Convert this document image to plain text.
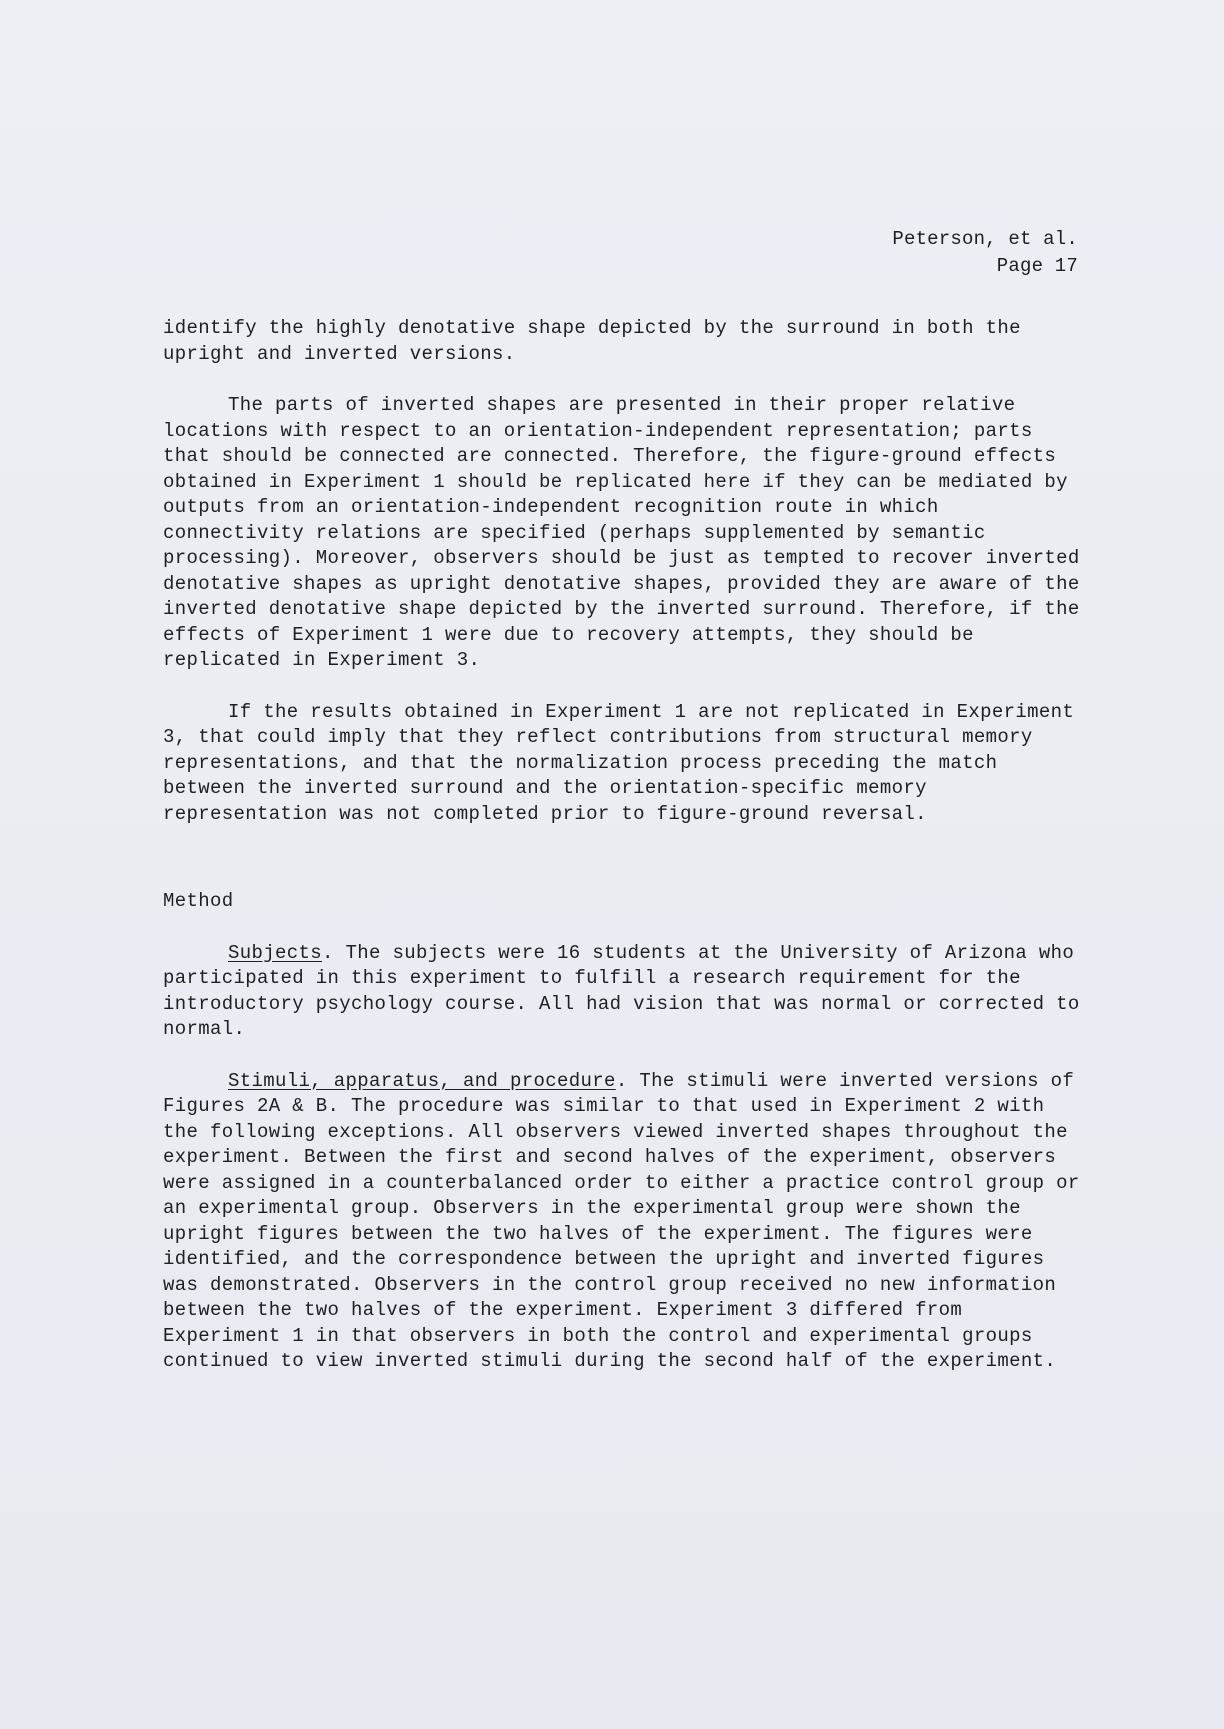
Peterson, et al.
Page 17

identify the highly denotative shape depicted by the surround in both the upright and inverted versions.

The parts of inverted shapes are presented in their proper relative locations with respect to an orientation-independent representation; parts that should be connected are connected. Therefore, the figure-ground effects obtained in Experiment 1 should be replicated here if they can be mediated by outputs from an orientation-independent recognition route in which connectivity relations are specified (perhaps supplemented by semantic processing). Moreover, observers should be just as tempted to recover inverted denotative shapes as upright denotative shapes, provided they are aware of the inverted denotative shape depicted by the inverted surround. Therefore, if the effects of Experiment 1 were due to recovery attempts, they should be replicated in Experiment 3.

If the results obtained in Experiment 1 are not replicated in Experiment 3, that could imply that they reflect contributions from structural memory representations, and that the normalization process preceding the match between the inverted surround and the orientation-specific memory representation was not completed prior to figure-ground reversal.

Method

Subjects. The subjects were 16 students at the University of Arizona who participated in this experiment to fulfill a research requirement for the introductory psychology course. All had vision that was normal or corrected to normal.

Stimuli, apparatus, and procedure. The stimuli were inverted versions of Figures 2A & B. The procedure was similar to that used in Experiment 2 with the following exceptions. All observers viewed inverted shapes throughout the experiment. Between the first and second halves of the experiment, observers were assigned in a counterbalanced order to either a practice control group or an experimental group. Observers in the experimental group were shown the upright figures between the two halves of the experiment. The figures were identified, and the correspondence between the upright and inverted figures was demonstrated. Observers in the control group received no new information between the two halves of the experiment. Experiment 3 differed from Experiment 1 in that observers in both the control and experimental groups continued to view inverted stimuli during the second half of the experiment.
